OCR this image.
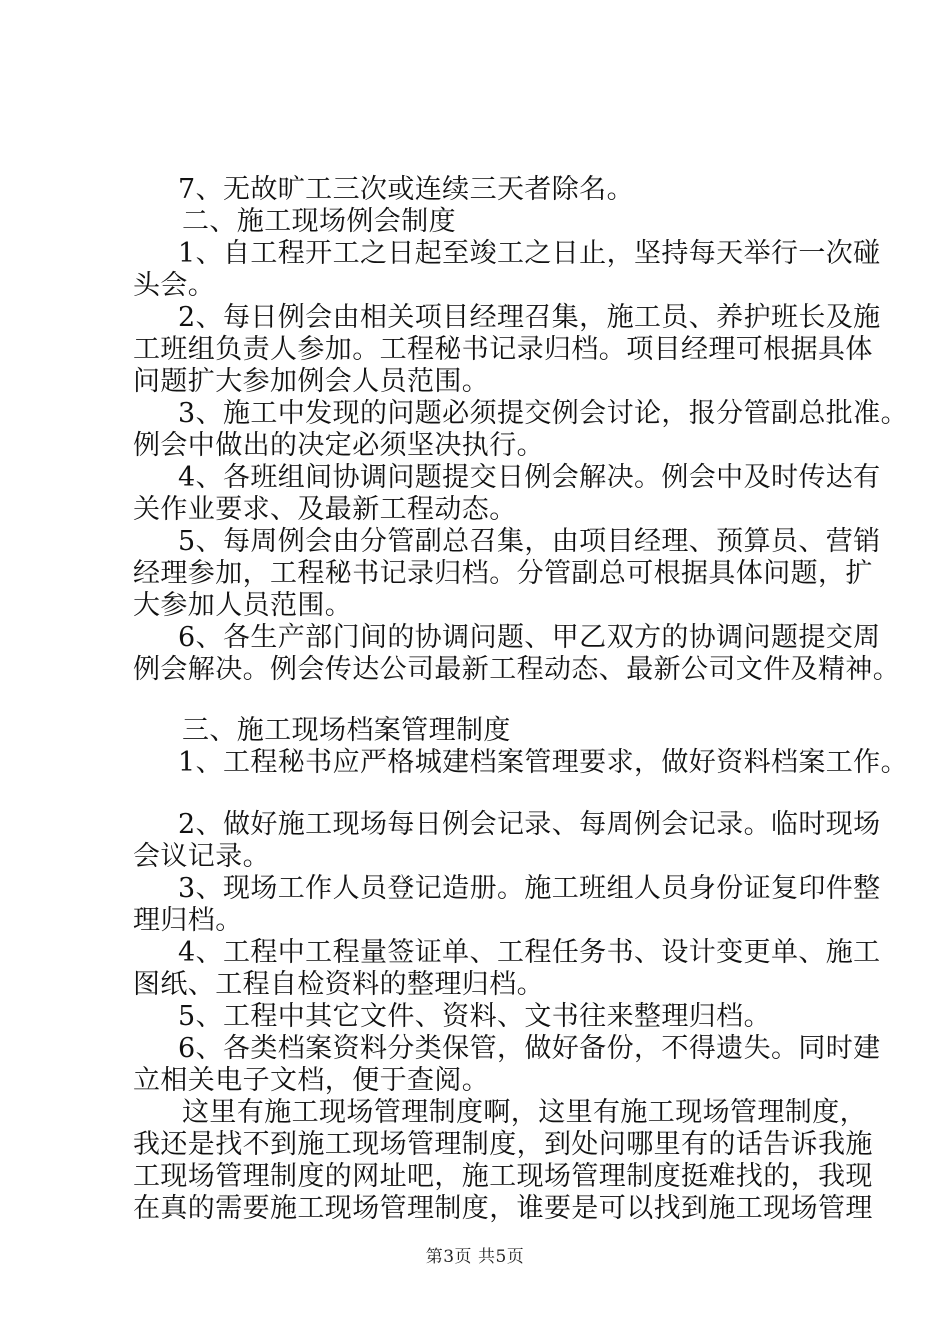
7、无故旷工三次或连续三天者除名。
二、施工现场例会制度
1、自工程开工之日起至竣工之日止，坚持每天举行一次碰
头会。
2、每日例会由相关项目经理召集，施工员、养护班长及施
工班组负责人参加。工程秘书记录归档。项目经理可根据具体
问题扩大参加例会人员范围。
3、施工中发现的问题必须提交例会讨论，报分管副总批准。
例会中做出的决定必须坚决执行。
4、各班组间协调问题提交日例会解决。例会中及时传达有
关作业要求、及最新工程动态。
5、每周例会由分管副总召集，由项目经理、预算员、营销
经理参加，工程秘书记录归档。分管副总可根据具体问题，扩
大参加人员范围。
6、各生产部门间的协调问题、甲乙双方的协调问题提交周
例会解决。例会传达公司最新工程动态、最新公司文件及精神。
三、施工现场档案管理制度
1、工程秘书应严格城建档案管理要求，做好资料档案工作。
2、做好施工现场每日例会记录、每周例会记录。临时现场
会议记录。
3、现场工作人员登记造册。施工班组人员身份证复印件整
理归档。
4、工程中工程量签证单、工程任务书、设计变更单、施工
图纸、工程自检资料的整理归档。
5、工程中其它文件、资料、文书往来整理归档。
6、各类档案资料分类保管，做好备份，不得遗失。同时建
立相关电子文档，便于查阅。
这里有施工现场管理制度啊，这里有施工现场管理制度，
我还是找不到施工现场管理制度，到处问哪里有的话告诉我施
工现场管理制度的网址吧，施工现场管理制度挺难找的，我现
在真的需要施工现场管理制度，谁要是可以找到施工现场管理
第3页 共5页
